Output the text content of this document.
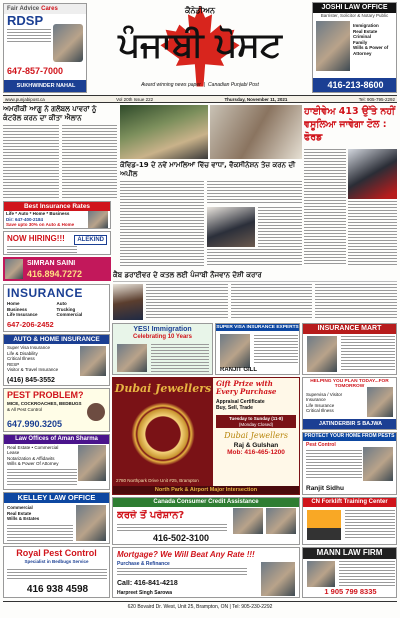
Fair Advice Cares
RDSP
647-857-7000
SUKHWINDER NAHAL
ਕੈਨੇਡੀਅਨ
ਪੰਜਾਬੀ ਪੋਸਟ
Award winning news paper | Canadian Punjabi Post
JOSHI LAW OFFICE
Barrister, Solicitor & Notary Public
Immigration
Real Estate
Criminal
Family
Wills & Power of Attorney
416-213-8600
www.punjabipost.ca	Vol 20th Issue 222	Thursday, November 11, 2021	Tel: 905-795-2292
ਅਮਰੀਕੀ ਆਗੂ ਨੇ ਗਲੋਬਲ ਪਾਵਰਾਂ ਨੂੰ ਕੰਟਰੋਲ ਕਰਨ ਦਾ ਕੀਤਾ ਐਲਾਨ
ਕੋਵਿਡ-19 ਦੇ ਨਵੇਂ ਮਾਮਲਿਆਂ ਵਿੱਚ ਵਾਧਾ, ਵੈਕਸੀਨੇਸ਼ਨ ਤੇਜ਼ ਕਰਨ ਦੀ ਅਪੀਲ
ਹਾਈਵੇਅ 413 ਉੱਤੇ ਨਹੀਂ ਵਸੂਲਿਆ ਜਾਵੇਗਾ ਟੋਲ : ਫੋਰਡ
Best Insurance Rates
Life * Auto * Home * Business
Dir: 647-400-2184
Save upto 30% on Auto & Home
NOW HIRING!!!	ALEKIND
SIMRAN SAINI
416.894.7272	ਕੈਬ ਡਰਾਈਵਰ ਦੇ ਕਤਲ ਲਈ ਪੰਜਾਬੀ ਨੌਜਵਾਨ ਦੋਸ਼ੀ ਕਰਾਰ
INSURANCE
Home	Auto
Business	Trucking
Life Insurance	Commercial
647-206-2452
AUTO & HOME INSURANCE
Super Visa Insurance
Life & Disability
Critical Illness
RESP
Visitor & Travel Insurance
(416) 845-3552
PEST PROBLEM?
MICE, COCKROACHES, BEDBUGS
& All Pest Control
647.990.3205
Law Offices of Aman Sharma
Real Estate • Commercial Lease
Notarization & Affidavits
Wills & Power Of Attorney
KELLEY LAW OFFICE
Commercial
Real Estate
Wills & Estates
Royal Pest Control
Specialist in Bedbugs Service
416 938 4598
YES! Immigration
Celebrating 10 Years
SUPER VISA INSURANCE EXPERTS
RANJIT GILL
Dubai Jewellers
2780 Northpark Drive Unit #25, Brampton
Gift Prize with Every Purchase
Appraisal Certificate
Buy, Sell, Trade
Tuesday to Sunday (11-8)
(Monday Closed)
Dubai Jewellers
Raj & Gulshan
Mob: 416-465-1200
North Park & Airport Major Intersection
Canada Consumer Credit Assistance
ਕਰਜ਼ੇ ਤੋਂ ਪਰੇਸ਼ਾਨ?
416-502-3100
Mortgage? We Will Beat Any Rate !!!
Purchase & Refinance
Call: 416-841-4218
Harpreet Singh Sarowa
INSURANCE MART
HELPING YOU PLAN TODAY...FOR TOMORROW
Supervisa / Visitor Insurance
Life Insurance
Critical Illness
JATINDERBIR S BAJWA
PROTECT YOUR HOME FROM PESTS
Pest Control
Ranjit Sidhu
CN Forklift Training Center
MANN LAW FIRM
1 905 799 8335
620 Bovaird Dr. West, Unit 25, Brampton, ON | Tel: 905-230-2292
